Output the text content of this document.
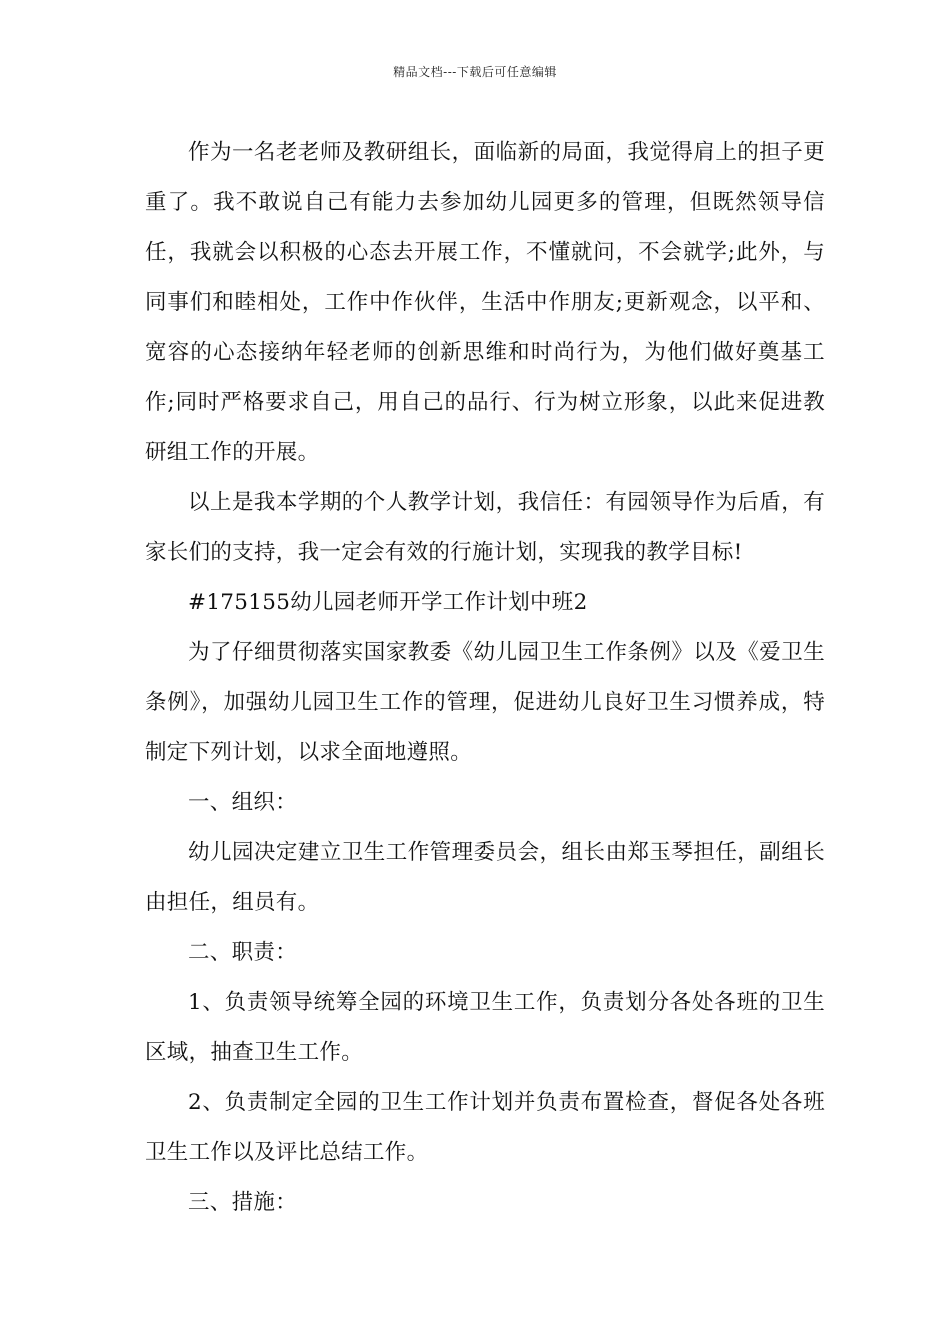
精品文档---下载后可任意编辑

作为一名老老师及教研组长，面临新的局面，我觉得肩上的担子更重了。我不敢说自己有能力去参加幼儿园更多的管理，但既然领导信任，我就会以积极的心态去开展工作，不懂就问，不会就学;此外，与同事们和睦相处，工作中作伙伴，生活中作朋友;更新观念，以平和、宽容的心态接纳年轻老师的创新思维和时尚行为，为他们做好奠基工作;同时严格要求自己，用自己的品行、行为树立形象，以此来促进教研组工作的开展。

以上是我本学期的个人教学计划，我信任：有园领导作为后盾，有家长们的支持，我一定会有效的行施计划，实现我的教学目标!

#175155幼儿园老师开学工作计划中班2

为了仔细贯彻落实国家教委《幼儿园卫生工作条例》以及《爱卫生条例》，加强幼儿园卫生工作的管理，促进幼儿良好卫生习惯养成，特制定下列计划，以求全面地遵照。

一、组织：

幼儿园决定建立卫生工作管理委员会，组长由郑玉琴担任，副组长由担任，组员有。

二、职责：

1、负责领导统筹全园的环境卫生工作，负责划分各处各班的卫生区域，抽查卫生工作。

2、负责制定全园的卫生工作计划并负责布置检查，督促各处各班卫生工作以及评比总结工作。

三、措施：
